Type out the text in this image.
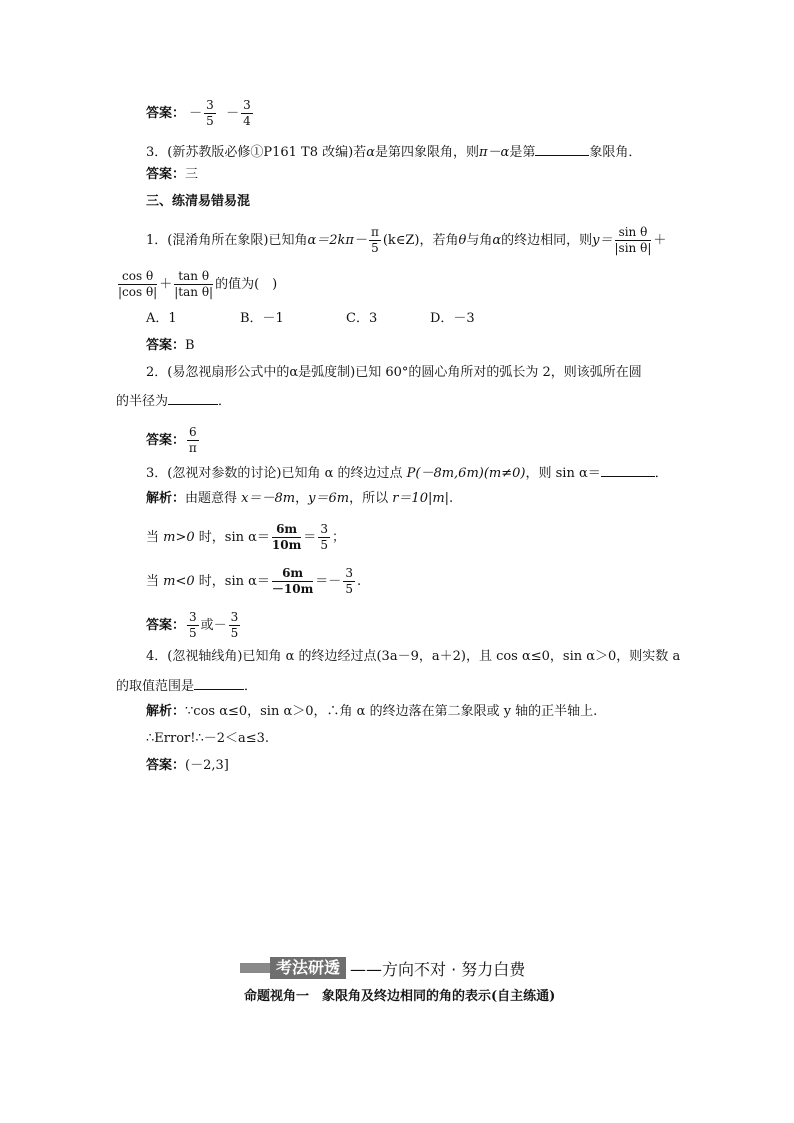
答案： － $\frac{3}{5} - \frac{3}{4}$
3．(新苏教版必修①P161 T8 改编)若α是第四象限角，则π－α是第	象限角．
答案：三
三、练清易错易混
1．(混淆角所在象限)已知角$\alpha=2k\pi- \frac{\pi}{5}$ (k∈Z)，若角θ与角α的终边相同，则$y= \frac{\text{sin θ}}{\text{|sin θ|}}$ ＋
$\frac{\text{cos θ}}{\text{|cos θ|}} + \frac{\text{tan θ}}{\text{|tan θ|}}$ 的值为(　)
A．1	B．－1	C．3	D．－3
答案：B
2．(易忽视扇形公式中的α是弧度制)已知 60°的圆心角所对的弧长为 2，则该弧所在圆
的半径为	．
答案： $\frac{6}{\pi}$
3．(忽视对参数的讨论)已知角 α 的终边过点 P(－8m,6m)(m≠0)，则 sin α＝	．
解析：由题意得 x＝－8m，y＝6m，所以 r＝10|m|.
当 m>0 时，$\sin \alpha= \frac{6m}{10m} = \frac{3}{5}$ ；
当 m<0 时，$\sin \alpha= \frac{6m}{-10m} =- \frac{3}{5}$ .
答案： $\frac{3}{5}$ 或－ $\frac{3}{5}$
4．(忽视轴线角)已知角 α 的终边经过点(3a－9，a＋2)，且 cos α≤0，sin α＞0，则实数 a
的取值范围是	．
解析：∵cos α≤0，sin α＞0，∴角 α 的终边落在第二象限或 y 轴的正半轴上.
∴Error!∴－2＜a≤3.
答案：(－2,3]
考法研透 ——方向不对 · 努力白费
命题视角一　象限角及终边相同的角的表示(自主练通)
